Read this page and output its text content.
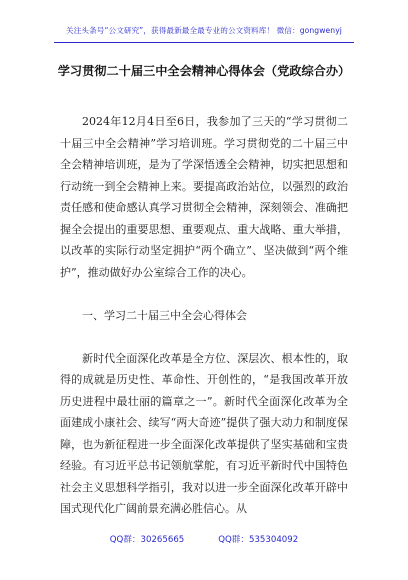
关注头条号“公文研究”，获得最新最全最专业的公文资料库！ 微信：gongwenyj
学习贯彻二十届三中全会精神心得体会（党政综合办）

2024年12月4日至6日，我参加了三天的“学习贯彻二十届三中全会精神”学习培训班。学习贯彻党的二十届三中全会精神培训班，是为了学深悟透全会精神，切实把思想和行动统一到全会精神上来。要提高政治站位，以强烈的政治责任感和使命感认真学习贯彻全会精神，深刻领会、准确把握全会提出的重要思想、重要观点、重大战略、重大举措，以改革的实际行动坚定拥护“两个确立”、坚决做到“两个维护”，推动做好办公室综合工作的决心。

一、学习二十届三中全会心得体会

新时代全面深化改革是全方位、深层次、根本性的，取得的成就是历史性、革命性、开创性的，“是我国改革开放历史进程中最壮丽的篇章之一”。新时代全面深化改革为全面建成小康社会、续写“两大奇迹”提供了强大动力和制度保障，也为新征程进一步全面深化改革提供了坚实基础和宝贵经验。有习近平总书记领航掌舵，有习近平新时代中国特色社会主义思想科学指引，我对以进一步全面深化改革开辟中国式现代化广阔前景充满必胜信心。从

QQ群：30265665	QQ群：535304092
